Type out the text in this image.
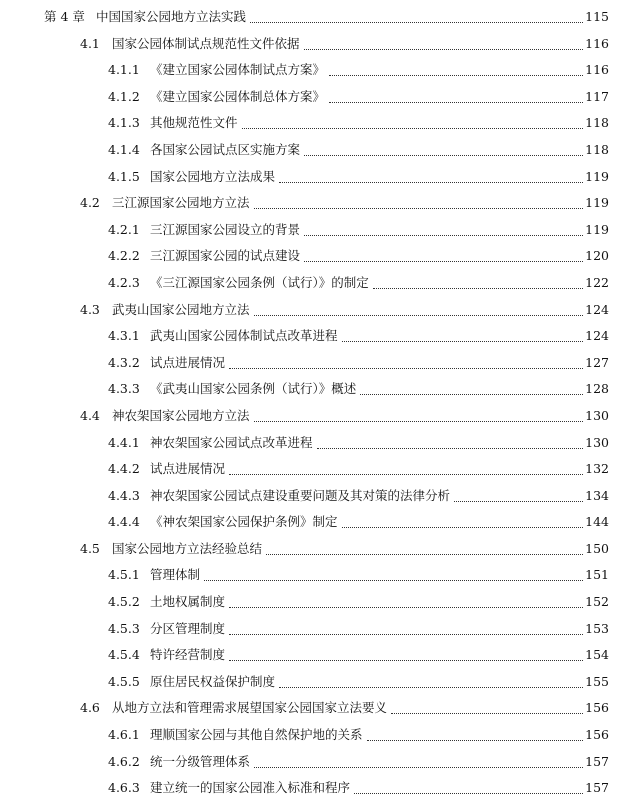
第 4 章 中国国家公园地方立法实践	115
4.1 国家公园体制试点规范性文件依据	116
4.1.1 《建立国家公园体制试点方案》	116
4.1.2 《建立国家公园体制总体方案》	117
4.1.3 其他规范性文件	118
4.1.4 各国家公园试点区实施方案	118
4.1.5 国家公园地方立法成果	119
4.2 三江源国家公园地方立法	119
4.2.1 三江源国家公园设立的背景	119
4.2.2 三江源国家公园的试点建设	120
4.2.3 《三江源国家公园条例（试行）》的制定	122
4.3 武夷山国家公园地方立法	124
4.3.1 武夷山国家公园体制试点改革进程	124
4.3.2 试点进展情况	127
4.3.3 《武夷山国家公园条例（试行）》概述	128
4.4 神农架国家公园地方立法	130
4.4.1 神农架国家公园试点改革进程	130
4.4.2 试点进展情况	132
4.4.3 神农架国家公园试点建设重要问题及其对策的法律分析	134
4.4.4 《神农架国家公园保护条例》制定	144
4.5 国家公园地方立法经验总结	150
4.5.1 管理体制	151
4.5.2 土地权属制度	152
4.5.3 分区管理制度	153
4.5.4 特许经营制度	154
4.5.5 原住居民权益保护制度	155
4.6 从地方立法和管理需求展望国家公园国家立法要义	156
4.6.1 理顺国家公园与其他自然保护地的关系	156
4.6.2 统一分级管理体系	157
4.6.3 建立统一的国家公园准入标准和程序	157
